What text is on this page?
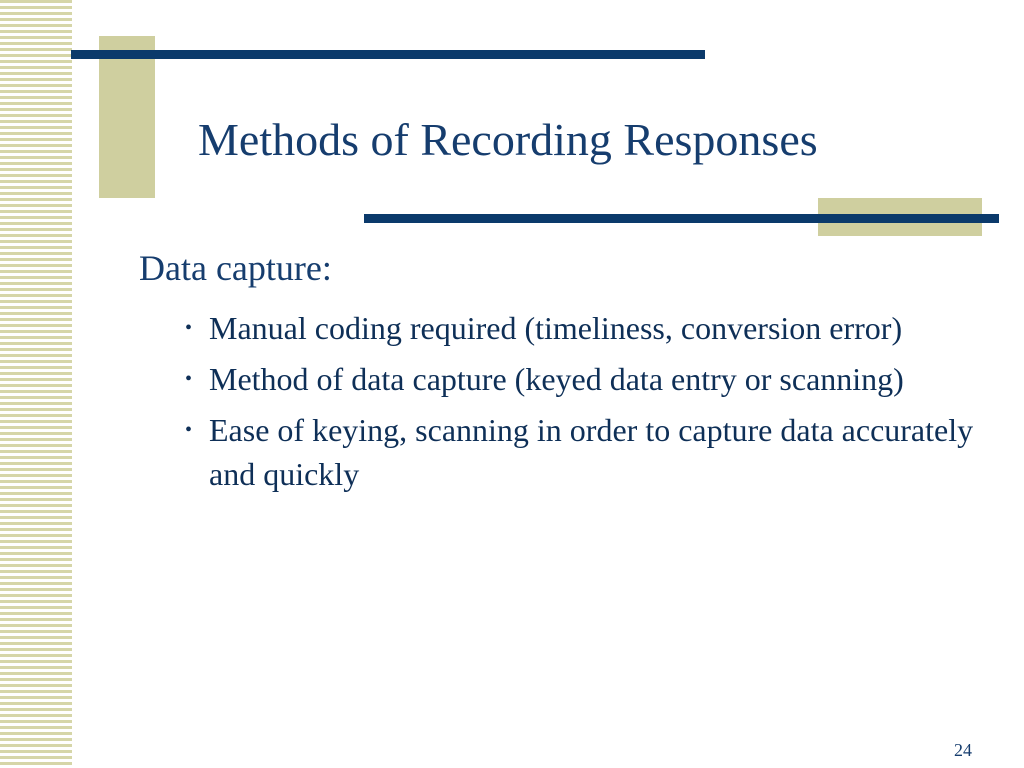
Methods of Recording Responses
Data capture:
• Manual coding required (timeliness, conversion error)
• Method of data capture (keyed data entry or scanning)
• Ease of keying, scanning in order to capture data accurately and quickly
24
